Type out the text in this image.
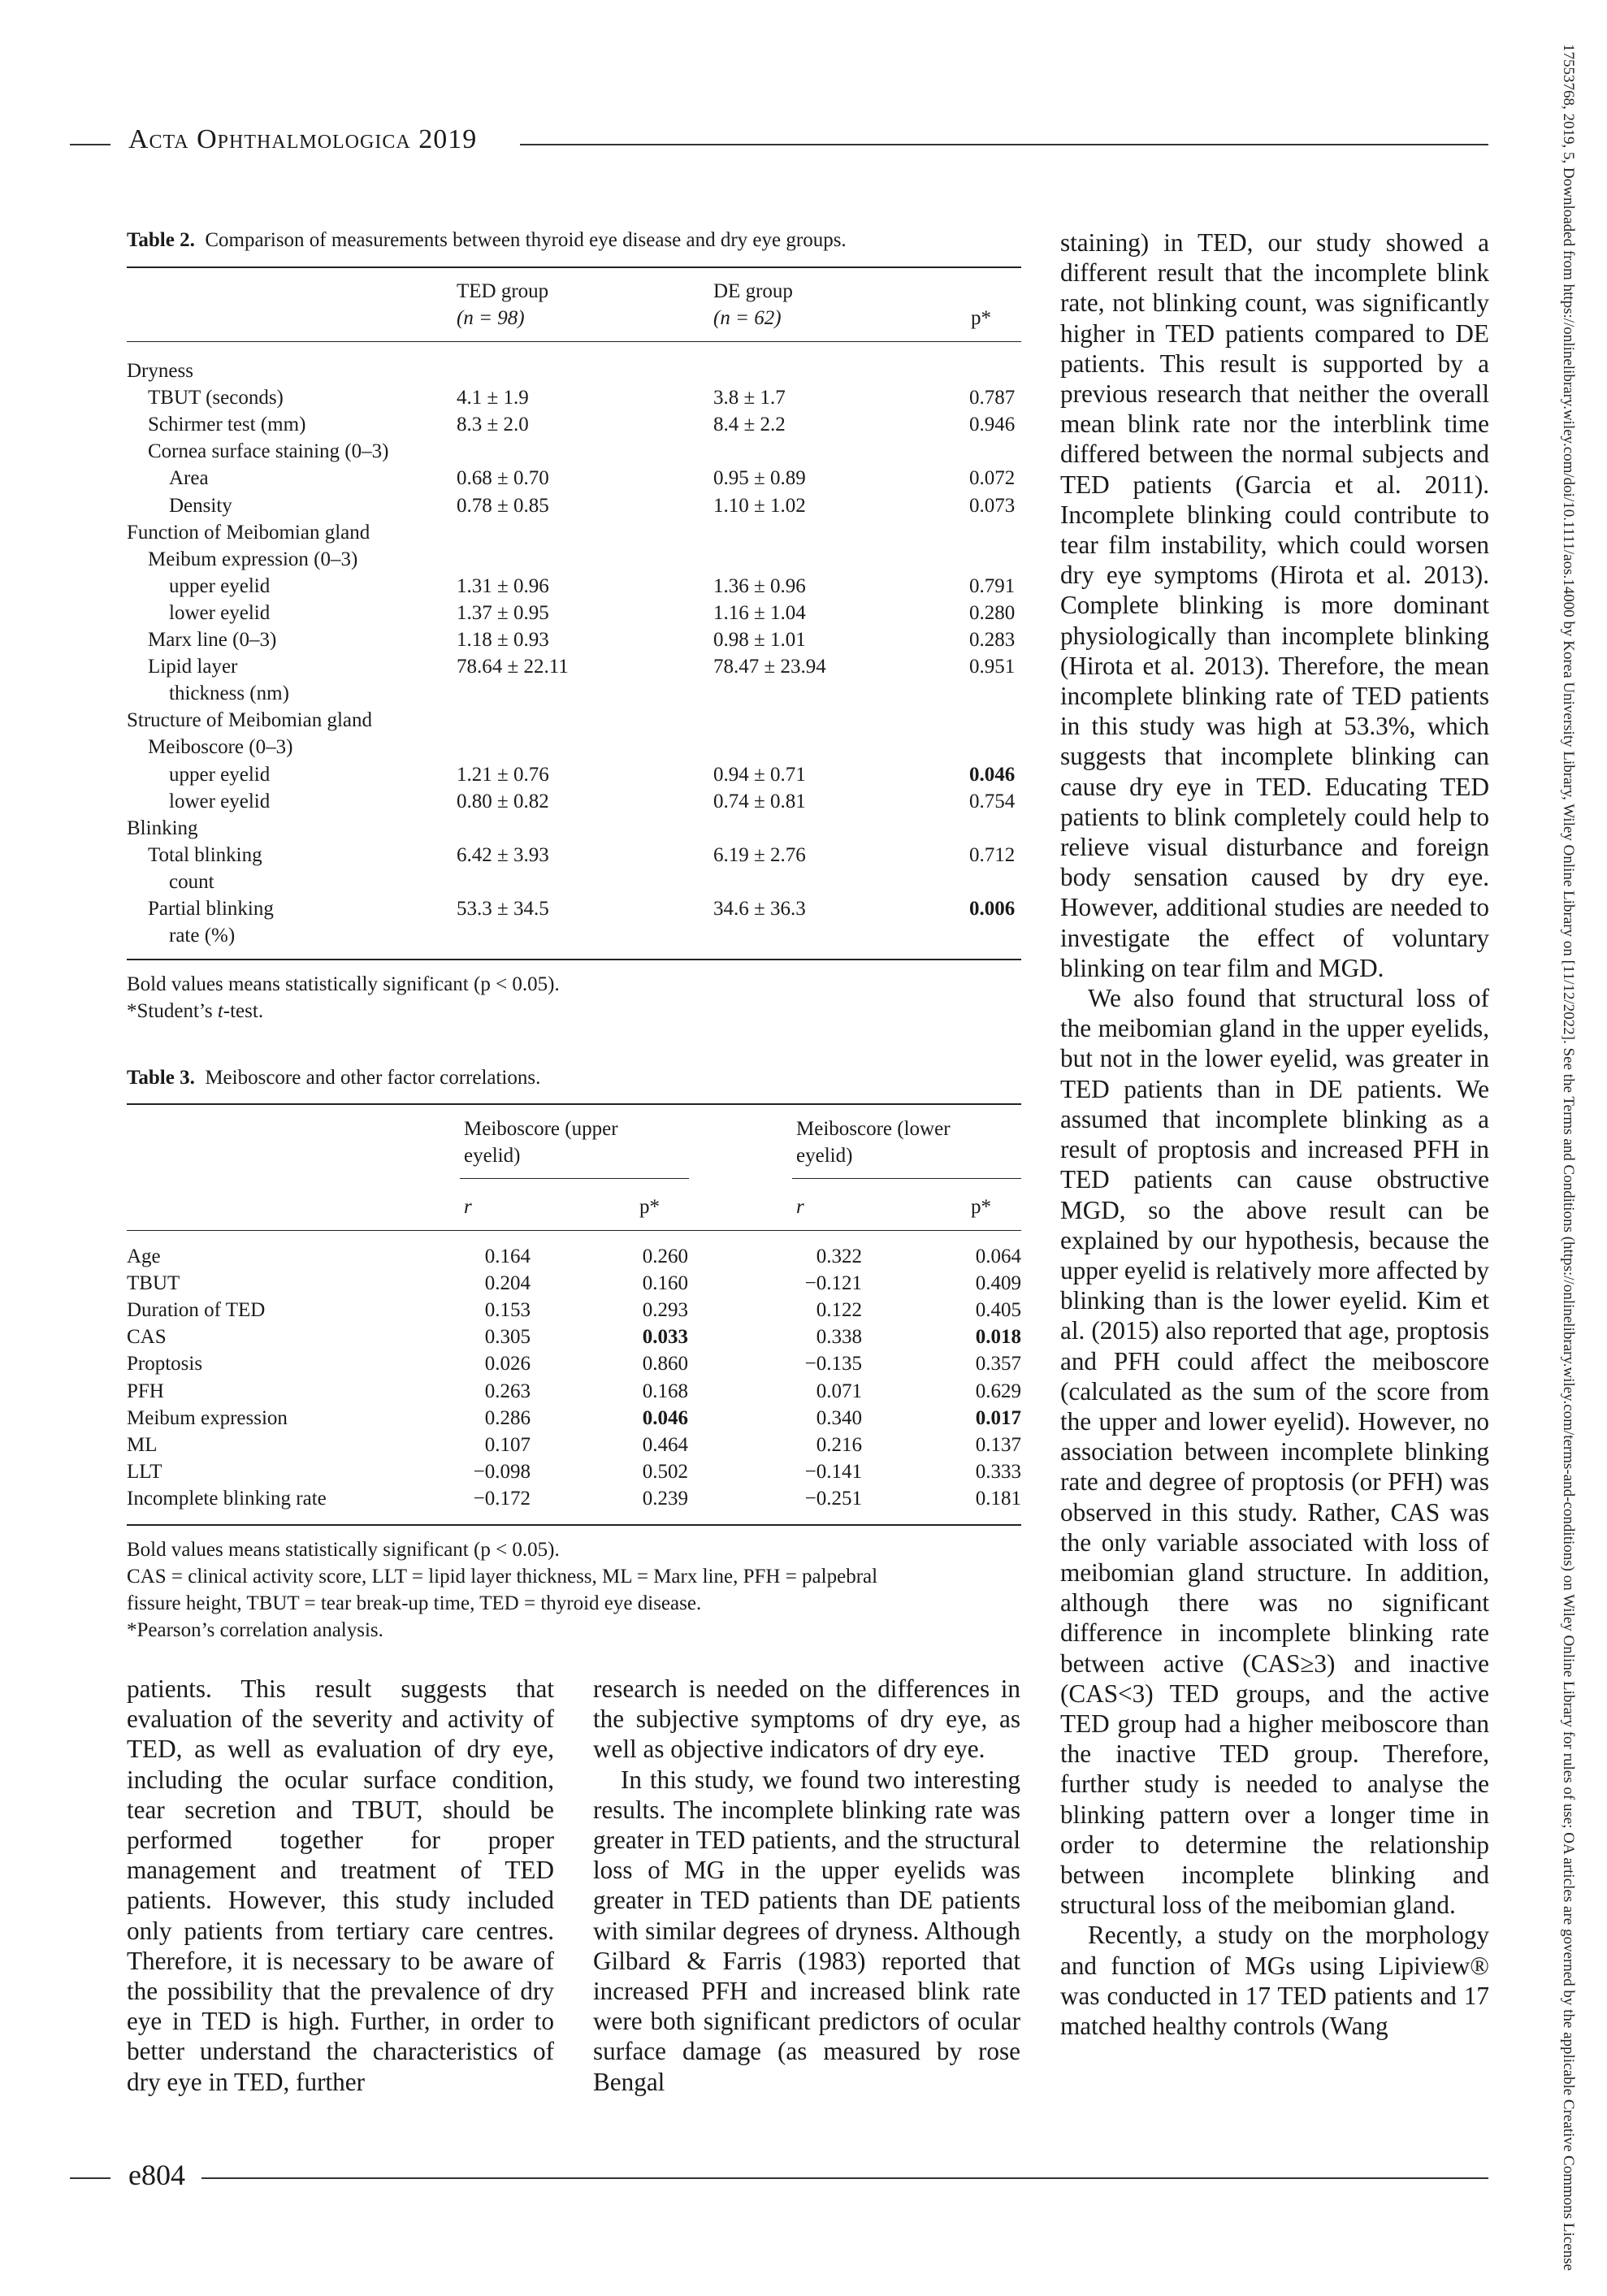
Acta Ophthalmologica 2019	17553768, 2019, 5, Downloaded from https://onlinelibrary.wiley.com/doi/10.1111/aos.14000 by Korea University Library, Wiley Online Library on [11/12/2022]. See the Terms and Conditions (https://onlinelibrary.wiley.com/terms-and-conditions) on Wiley Online Library for rules of use; OA articles are governed by the applicable Creative Commons License
Table 2. Comparison of measurements between thyroid eye disease and dry eye groups.
TED group	DE group
(n = 98)	(n = 62)	p*
Dryness
TBUT (seconds)	4.1 ± 1.9	3.8 ± 1.7	0.787
Schirmer test (mm)	8.3 ± 2.0	8.4 ± 2.2	0.946
Cornea surface staining (0–3)
Area	0.68 ± 0.70	0.95 ± 0.89	0.072
Density	0.78 ± 0.85	1.10 ± 1.02	0.073
Function of Meibomian gland
Meibum expression (0–3)
upper eyelid	1.31 ± 0.96	1.36 ± 0.96	0.791
lower eyelid	1.37 ± 0.95	1.16 ± 1.04	0.280
Marx line (0–3)	1.18 ± 0.93	0.98 ± 1.01	0.283
Lipid layer	78.64 ± 22.11	78.47 ± 23.94	0.951
thickness (nm)
Structure of Meibomian gland
Meiboscore (0–3)
upper eyelid	1.21 ± 0.76	0.94 ± 0.71	0.046
lower eyelid	0.80 ± 0.82	0.74 ± 0.81	0.754
Blinking
Total blinking	6.42 ± 3.93	6.19 ± 2.76	0.712
count
Partial blinking	53.3 ± 34.5	34.6 ± 36.3	0.006
rate (%)
Bold values means statistically significant (p < 0.05).
*Student’s t-test.
Table 3. Meiboscore and other factor correlations.
Meiboscore (upper	Meiboscore (lower
eyelid)	eyelid)
r	p*	r	p*
Age	0.164	0.260	0.322	0.064
TBUT	0.204	0.160	−0.121	0.409
Duration of TED	0.153	0.293	0.122	0.405
CAS	0.305	0.033	0.338	0.018
Proptosis	0.026	0.860	−0.135	0.357
PFH	0.263	0.168	0.071	0.629
Meibum expression	0.286	0.046	0.340	0.017
ML	0.107	0.464	0.216	0.137
LLT	−0.098	0.502	−0.141	0.333
Incomplete blinking rate	−0.172	0.239	−0.251	0.181
Bold values means statistically significant (p < 0.05).
CAS = clinical activity score, LLT = lipid layer thickness, ML = Marx line, PFH = palpebral
fissure height, TBUT = tear break-up time, TED = thyroid eye disease.
*Pearson’s correlation analysis.

patients. This result suggests that evaluation of the severity and activity of TED, as well as evaluation of dry eye, including the ocular surface condition, tear secretion and TBUT, should be performed together for proper management and treatment of TED patients. However, this study included only patients from tertiary care centres. Therefore, it is necessary to be aware of the possibility that the prevalence of dry eye in TED is high. Further, in order to better understand the characteristics of dry eye in TED, further

research is needed on the differences in the subjective symptoms of dry eye, as well as objective indicators of dry eye.

In this study, we found two interesting results. The incomplete blinking rate was greater in TED patients, and the structural loss of MG in the upper eyelids was greater in TED patients than DE patients with similar degrees of dryness. Although Gilbard & Farris (1983) reported that increased PFH and increased blink rate were both significant predictors of ocular surface damage (as measured by rose Bengal

staining) in TED, our study showed a different result that the incomplete blink rate, not blinking count, was significantly higher in TED patients compared to DE patients. This result is supported by a previous research that neither the overall mean blink rate nor the interblink time differed between the normal subjects and TED patients (Garcia et al. 2011). Incomplete blinking could contribute to tear film instability, which could worsen dry eye symptoms (Hirota et al. 2013). Complete blinking is more dominant physiologically than incomplete blinking (Hirota et al. 2013). Therefore, the mean incomplete blinking rate of TED patients in this study was high at 53.3%, which suggests that incomplete blinking can cause dry eye in TED. Educating TED patients to blink completely could help to relieve visual disturbance and foreign body sensation caused by dry eye. However, additional studies are needed to investigate the effect of voluntary blinking on tear film and MGD.

We also found that structural loss of the meibomian gland in the upper eyelids, but not in the lower eyelid, was greater in TED patients than in DE patients. We assumed that incomplete blinking as a result of proptosis and increased PFH in TED patients can cause obstructive MGD, so the above result can be explained by our hypothesis, because the upper eyelid is relatively more affected by blinking than is the lower eyelid. Kim et al. (2015) also reported that age, proptosis and PFH could affect the meiboscore (calculated as the sum of the score from the upper and lower eyelid). However, no association between incomplete blinking rate and degree of proptosis (or PFH) was observed in this study. Rather, CAS was the only variable associated with loss of meibomian gland structure. In addition, although there was no significant difference in incomplete blinking rate between active (CAS≥3) and inactive (CAS<3) TED groups, and the active TED group had a higher meiboscore than the inactive TED group. Therefore, further study is needed to analyse the blinking pattern over a longer time in order to determine the relationship between incomplete blinking and structural loss of the meibomian gland.

Recently, a study on the morphology and function of MGs using Lipiview® was conducted in 17 TED patients and 17 matched healthy controls (Wang

e804
